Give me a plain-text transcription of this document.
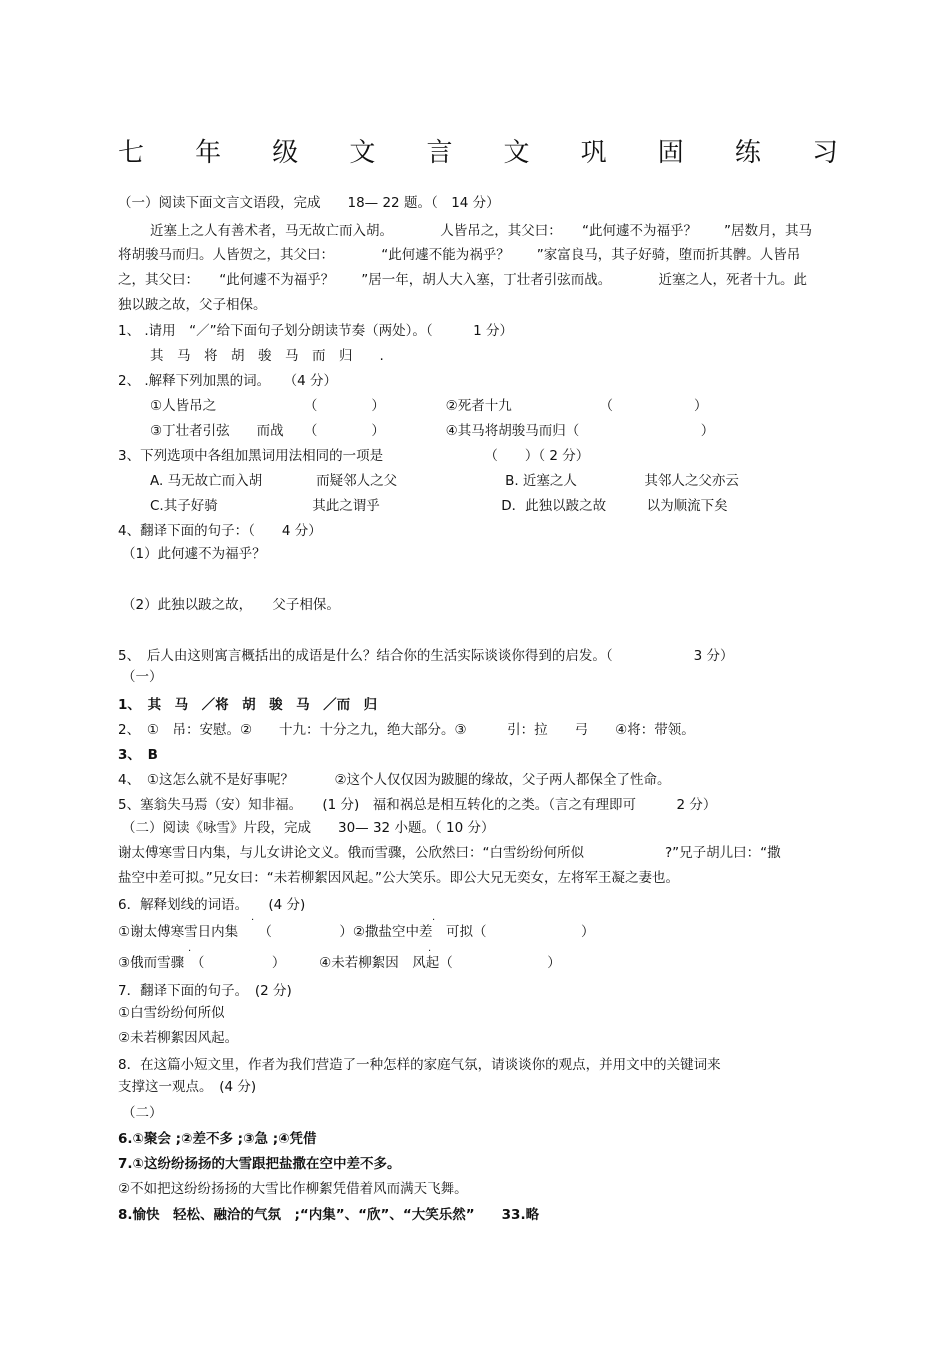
七 年 级 文 言 文 巩 固 练 习
（一）阅读下面文言文语段，完成　　18— 22 题。（　14 分）
近塞上之人有善术者，马无故亡而入胡。　　　　人皆吊之，其父曰：　　“此何遽不为福乎？　　”居数月，其马
将胡骏马而归。人皆贺之，其父曰：　　　　“此何遽不能为祸乎？　　”家富良马，其子好骑，堕而折其髀。人皆吊
之，其父曰：　　“此何遽不为福乎？　　”居一年，胡人大入塞，丁壮者引弦而战。　　　　近塞之人，死者十九。此
独以跛之故，父子相保。
1、 .请用　“／”给下面句子划分朗读节奏（两处）。（　　　1 分）
其　马　将　胡　骏　马　而　归　　.
2、 .解释下列加黑的词。　　（4 分）
①人皆吊之　　　　　　　（　　　　）　　　　　②死者十九　　　　　　　（　　　　　　）
③丁壮者引弦　　而战　　（　　　　）　　　　　④其马将胡骏马而归（　　　　　　　　　）
3、下列选项中各组加黑词用法相同的一项是　　　　　　　　（　　）（ 2 分）
A. 马无故亡而入胡　　　　而疑邻人之父　　　　　　　　B. 近塞之人　　　　　其邻人之父亦云
C.其子好骑　　　　　　　其此之谓乎　　　　　　　　　D．此独以跛之故　　　以为顺流下矣
4、翻译下面的句子：（　　4 分）
（1）此何遽不为福乎？
（2）此独以跛之故，　　父子相保。
5、　后人由这则寓言概括出的成语是什么？结合你的生活实际谈谈你得到的启发。（　　　　　　3 分）
（一）
1、　其　马　／将　胡　骏　马　／而　归
2、　①　吊：安慰。②　　十九：十分之九，绝大部分。③　　　引：拉　　弓　　④将：带领。
3、　B
4、　①这怎么就不是好事呢？　　　②这个人仅仅因为跛腿的缘故，父子两人都保全了性命。
5、塞翁失马焉（安）知非福。　　(1 分)　福和祸总是相互转化的之类。（言之有理即可　　　2 分）
（二）阅读《咏雪》片段，完成　　30— 32 小题。（ 10 分）
谢太傅寒雪日内集，与儿女讲论文义。俄而雪骤，公欣然曰：“白雪纷纷何所似　　　　　　?”兄子胡儿曰：“撒
盐空中差可拟。”兄女曰：“未若柳絮因风起。”公大笑乐。即公大兄无奕女，左将军王凝之妻也。
6．解释划线的词语。　　(4 分)
①谢太傅寒雪日内集　　（　　　　　）②撒盐空中差　可拟（　　　　　　　）
③俄而雪骤　（　　　　　）　　　④未若柳絮因　风起（　　　　　　　）
7．翻译下面的句子。　(2 分)
①白雪纷纷何所似
②未若柳絮因风起。
8．在这篇小短文里，作者为我们营造了一种怎样的家庭气氛，请谈谈你的观点，并用文中的关键词来
支撑这一观点。　(4 分)
（二）
6.①聚会 ;②差不多 ;③急 ;④凭借
7.①这纷纷扬扬的大雪跟把盐撒在空中差不多。
②不如把这纷纷扬扬的大雪比作柳絮凭借着风而满天飞舞。
8.愉快　轻松、融洽的气氛　;“内集”、“欣”、“大笑乐然”　　33.略
.	.
.	.
